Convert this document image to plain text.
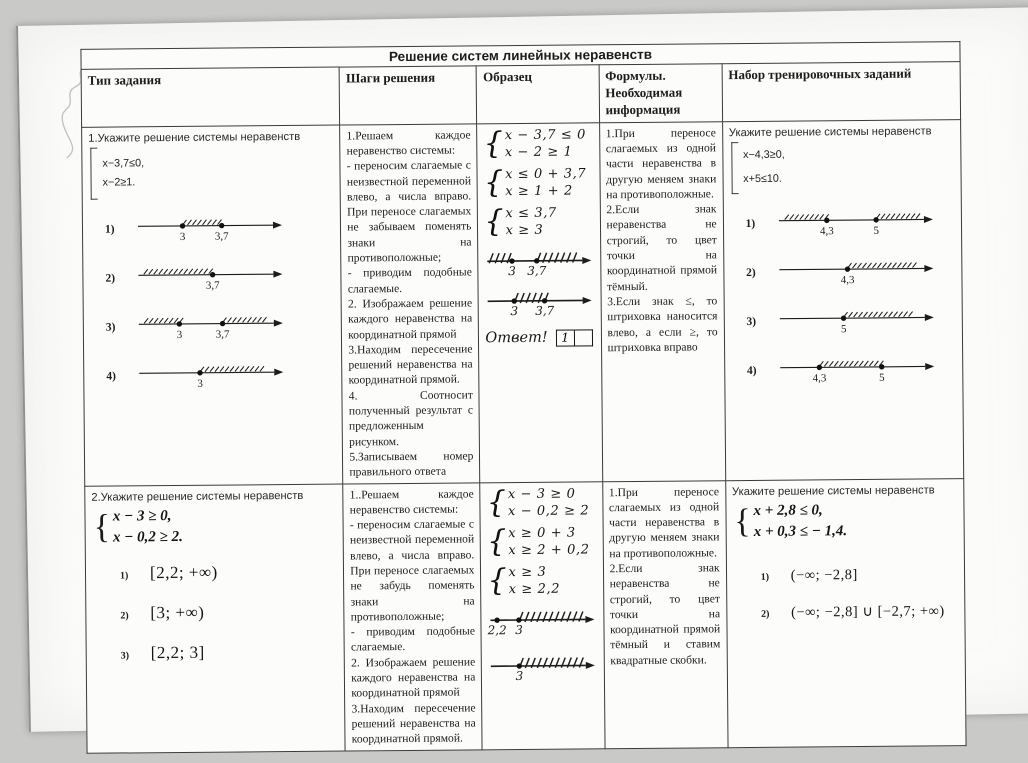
Решение систем линейных неравенств				
Тип задания	Шаги решения	Образец	Формулы.
Необходимая
информация	Набор тренировочных заданий

1.Укажите решение системы неравенств
x−3,7≤0,
x−2≥1.
1)
3	3,7
2)
3,7
3)
3	3,7
4)
3

1.Решаем каждое неравенство системы:
- переносим слагаемые с неизвестной переменной влево, а числа вправо. При переносе слагаемых не забываем поменять знаки на противоположные;
- приводим подобные слагаемые.
2. Изображаем решение каждого неравенства на координатной прямой
3.Находим пересечение решений неравенства на координатной прямой.
4. Соотносит полученный результат с предложенным рисунком.
5.Записываем номер правильного ответа

{ x − 3,7 ≤ 0
x − 2 ≥ 1
{ x ≤ 0 + 3,7
x ≥ 1 + 2
{ x ≤ 3,7
x ≥ 3
3 3,7
3 3,7
Ответ!	1

1.При переносе слагаемых из одной части неравенства в другую меняем знаки на противоположные.
2.Если знак неравенства не строгий, то цвет точки на координатной прямой тёмный.
3.Если знак ≤, то штриховка наносится влево, а если ≥, то штриховка вправо

Укажите решение системы неравенств
x−4,3≥0,
x+5≤10.
1)
4,3	5
2)
4,3
3)
5
4)
4,3	5

2.Укажите решение системы неравенств
{ x − 3 ≥ 0,
x − 0,2 ≥ 2.
1)	[2,2; +∞)
2)	[3; +∞)
3)	[2,2; 3]

1..Решаем каждое неравенство системы:
- переносим слагаемые с неизвестной переменной влево, а числа вправо. При переносе слагаемых не забудь поменять знаки на противоположные;
- приводим подобные слагаемые.
2. Изображаем решение каждого неравенства на координатной прямой
3.Находим пересечение решений неравенства на координатной прямой.

{ x − 3 ≥ 0
x − 0,2 ≥ 2
{ x ≥ 0 + 3
x ≥ 2 + 0,2
{ x ≥ 3
x ≥ 2,2
2,2 3
3

1.При переносе слагаемых из одной части неравенства в другую меняем знаки на противоположные.
2.Если знак неравенства не строгий, то цвет точки на координатной прямой тёмный и ставим квадратные скобки.

Укажите решение системы неравенств
{ x + 2,8 ≤ 0,
x + 0,3 ≤ − 1,4.
1)	(−∞; −2,8]
2)	(−∞; −2,8] ∪ [−2,7; +∞)
